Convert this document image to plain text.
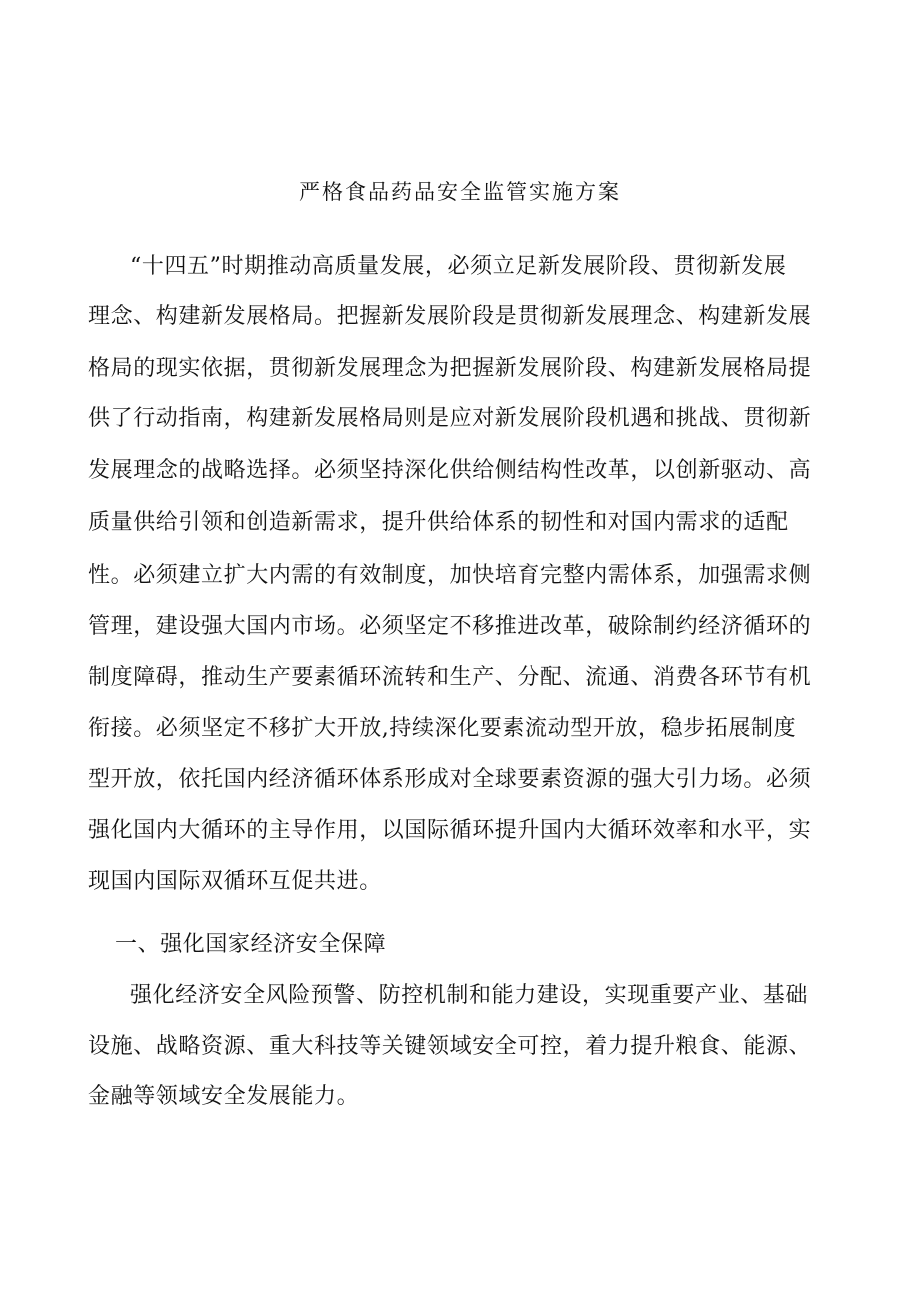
严格食品药品安全监管实施方案

“十四五”时期推动高质量发展，必须立足新发展阶段、贯彻新发展

理念、构建新发展格局。把握新发展阶段是贯彻新发展理念、构建新发展

格局的现实依据，贯彻新发展理念为把握新发展阶段、构建新发展格局提

供了行动指南，构建新发展格局则是应对新发展阶段机遇和挑战、贯彻新

发展理念的战略选择。必须坚持深化供给侧结构性改革，以创新驱动、高

质量供给引领和创造新需求，提升供给体系的韧性和对国内需求的适配

性。必须建立扩大内需的有效制度，加快培育完整内需体系，加强需求侧

管理，建设强大国内市场。必须坚定不移推进改革，破除制约经济循环的

制度障碍，推动生产要素循环流转和生产、分配、流通、消费各环节有机

衔接。必须坚定不移扩大开放,持续深化要素流动型开放，稳步拓展制度

型开放，依托国内经济循环体系形成对全球要素资源的强大引力场。必须

强化国内大循环的主导作用，以国际循环提升国内大循环效率和水平，实

现国内国际双循环互促共进。

一、强化国家经济安全保障

强化经济安全风险预警、防控机制和能力建设，实现重要产业、基础

设施、战略资源、重大科技等关键领域安全可控，着力提升粮食、能源、

金融等领域安全发展能力。
